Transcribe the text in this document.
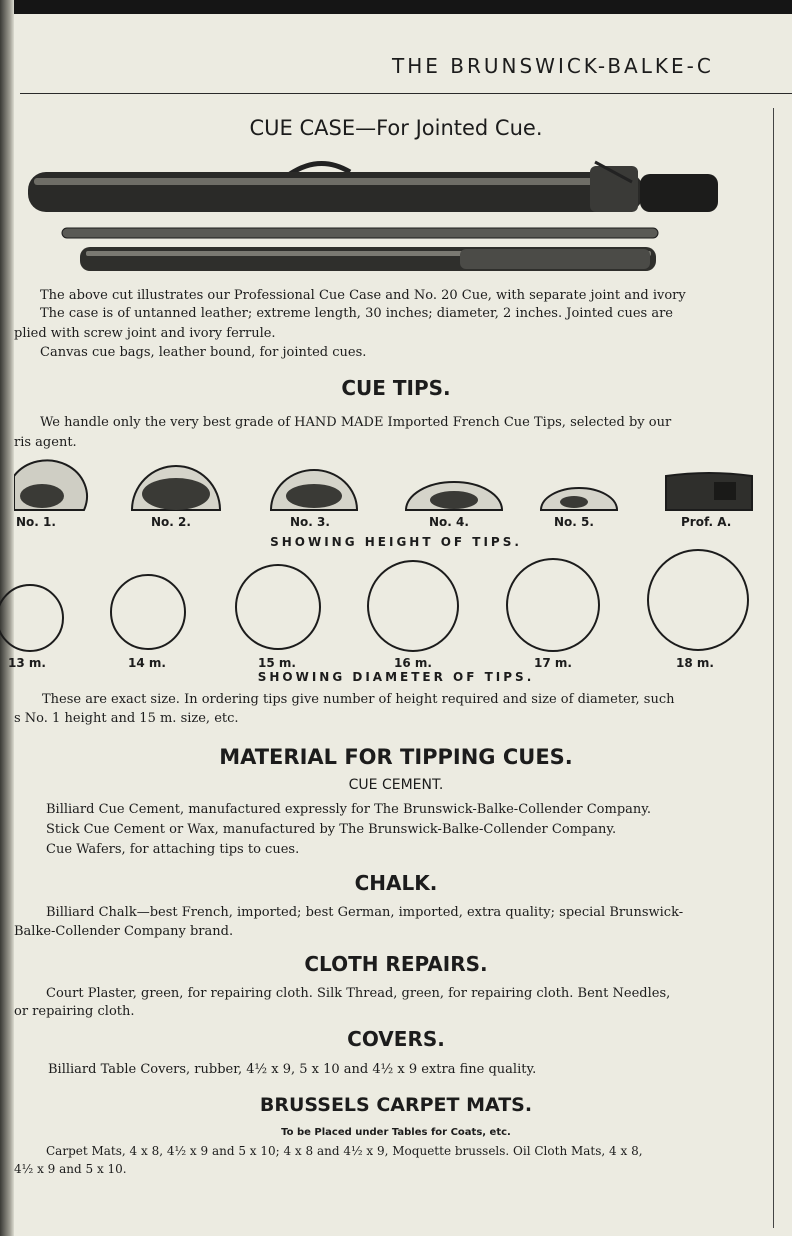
THE BRUNSWICK-BALKE-C
CUE CASE—For Jointed Cue.
The above cut illustrates our Professional Cue Case and No. 20 Cue, with separate joint and ivory
The case is of untanned leather; extreme length, 30 inches; diameter, 2 inches. Jointed cues are
plied with screw joint and ivory ferrule.
Canvas cue bags, leather bound, for jointed cues.
CUE TIPS.
We handle only the very best grade of HAND MADE Imported French Cue Tips, selected by our
ris agent.
No. 1.	No. 2.	No. 3.	No. 4.	No. 5.	Prof. A.
SHOWING HEIGHT OF TIPS.
13 m.	14 m.	15 m.	16 m.	17 m.	18 m.
SHOWING DIAMETER OF TIPS.
These are exact size. In ordering tips give number of height required and size of diameter, such
s No. 1 height and 15 m. size, etc.
MATERIAL FOR TIPPING CUES.
CUE CEMENT.
Billiard Cue Cement, manufactured expressly for The Brunswick-Balke-Collender Company.
Stick Cue Cement or Wax, manufactured by The Brunswick-Balke-Collender Company.
Cue Wafers, for attaching tips to cues.
CHALK.
Billiard Chalk—best French, imported; best German, imported, extra quality; special Brunswick-
Balke-Collender Company brand.
CLOTH REPAIRS.
Court Plaster, green, for repairing cloth. Silk Thread, green, for repairing cloth. Bent Needles,
or repairing cloth.
COVERS.
Billiard Table Covers, rubber, 4½ x 9, 5 x 10 and 4½ x 9 extra fine quality.
BRUSSELS CARPET MATS.
To be Placed under Tables for Coats, etc.
Carpet Mats, 4 x 8, 4½ x 9 and 5 x 10; 4 x 8 and 4½ x 9, Moquette brussels. Oil Cloth Mats, 4 x 8,
4½ x 9 and 5 x 10.
